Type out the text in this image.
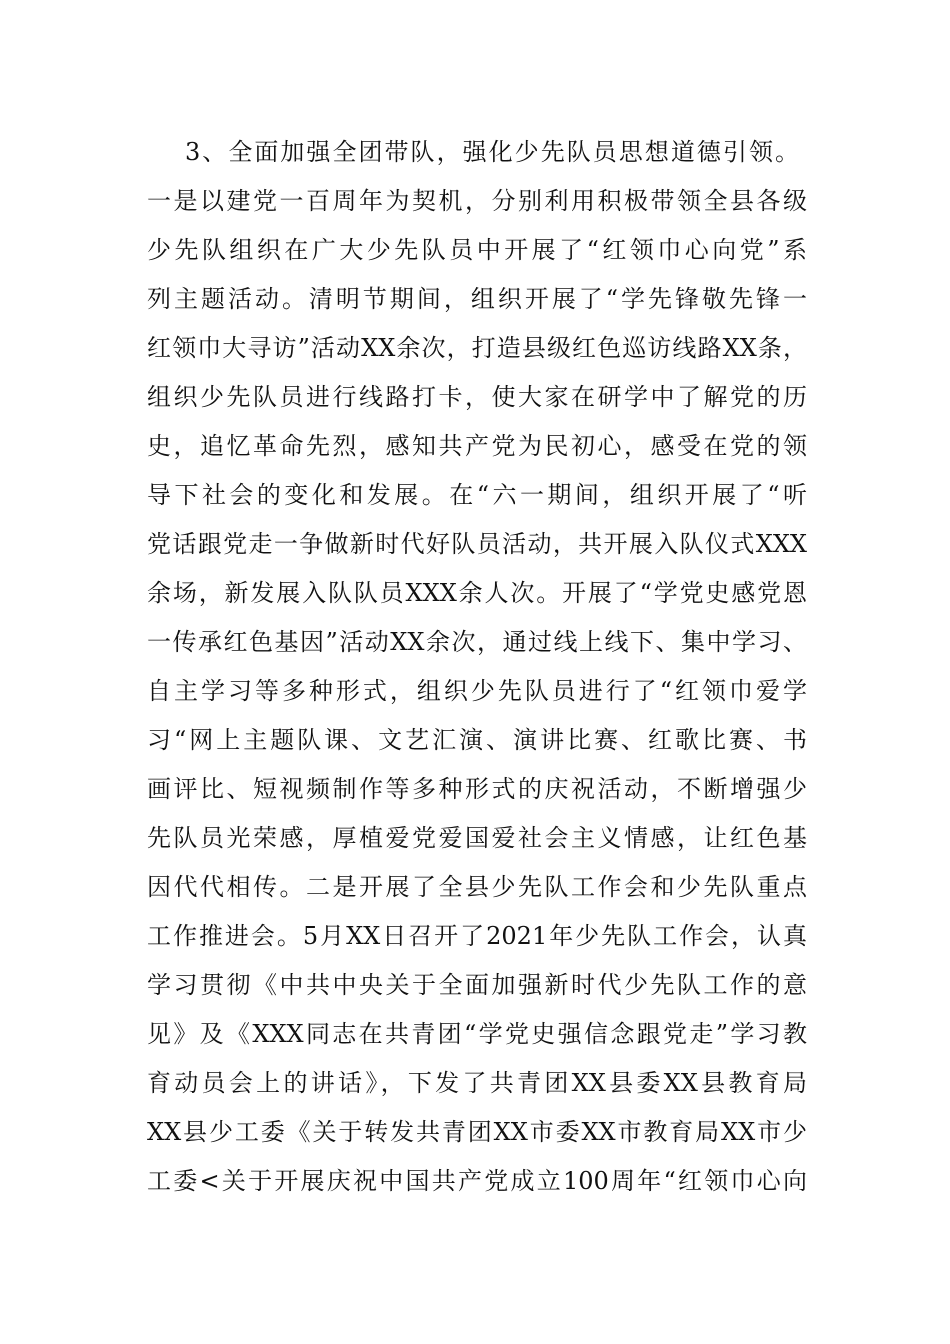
3、全面加强全团带队，强化少先队员思想道德引领。
一是以建党一百周年为契机，分别利用积极带领全县各级
少先队组织在广大少先队员中开展了“红领巾心向党”系
列主题活动。清明节期间，组织开展了“学先锋敬先锋一
红领巾大寻访”活动XX余次，打造县级红色巡访线路XX条，
组织少先队员进行线路打卡，使大家在研学中了解党的历
史，追忆革命先烈，感知共产党为民初心，感受在党的领
导下社会的变化和发展。在“六一期间，组织开展了“听
党话跟党走一争做新时代好队员活动，共开展入队仪式XXX
余场，新发展入队队员XXX余人次。开展了“学党史感党恩
一传承红色基因”活动XX余次，通过线上线下、集中学习、
自主学习等多种形式，组织少先队员进行了“红领巾爱学
习“网上主题队课、文艺汇演、演讲比赛、红歌比赛、书
画评比、短视频制作等多种形式的庆祝活动，不断增强少
先队员光荣感，厚植爱党爱国爱社会主义情感，让红色基
因代代相传。二是开展了全县少先队工作会和少先队重点
工作推进会。5月XX日召开了2021年少先队工作会，认真
学习贯彻《中共中央关于全面加强新时代少先队工作的意
见》及《XXX同志在共青团“学党史强信念跟党走”学习教
育动员会上的讲话》，下发了共青团XX县委XX县教育局
XX县少工委《关于转发共青团XX市委XX市教育局XX市少
工委<关于开展庆祝中国共产党成立100周年“红领巾心向
